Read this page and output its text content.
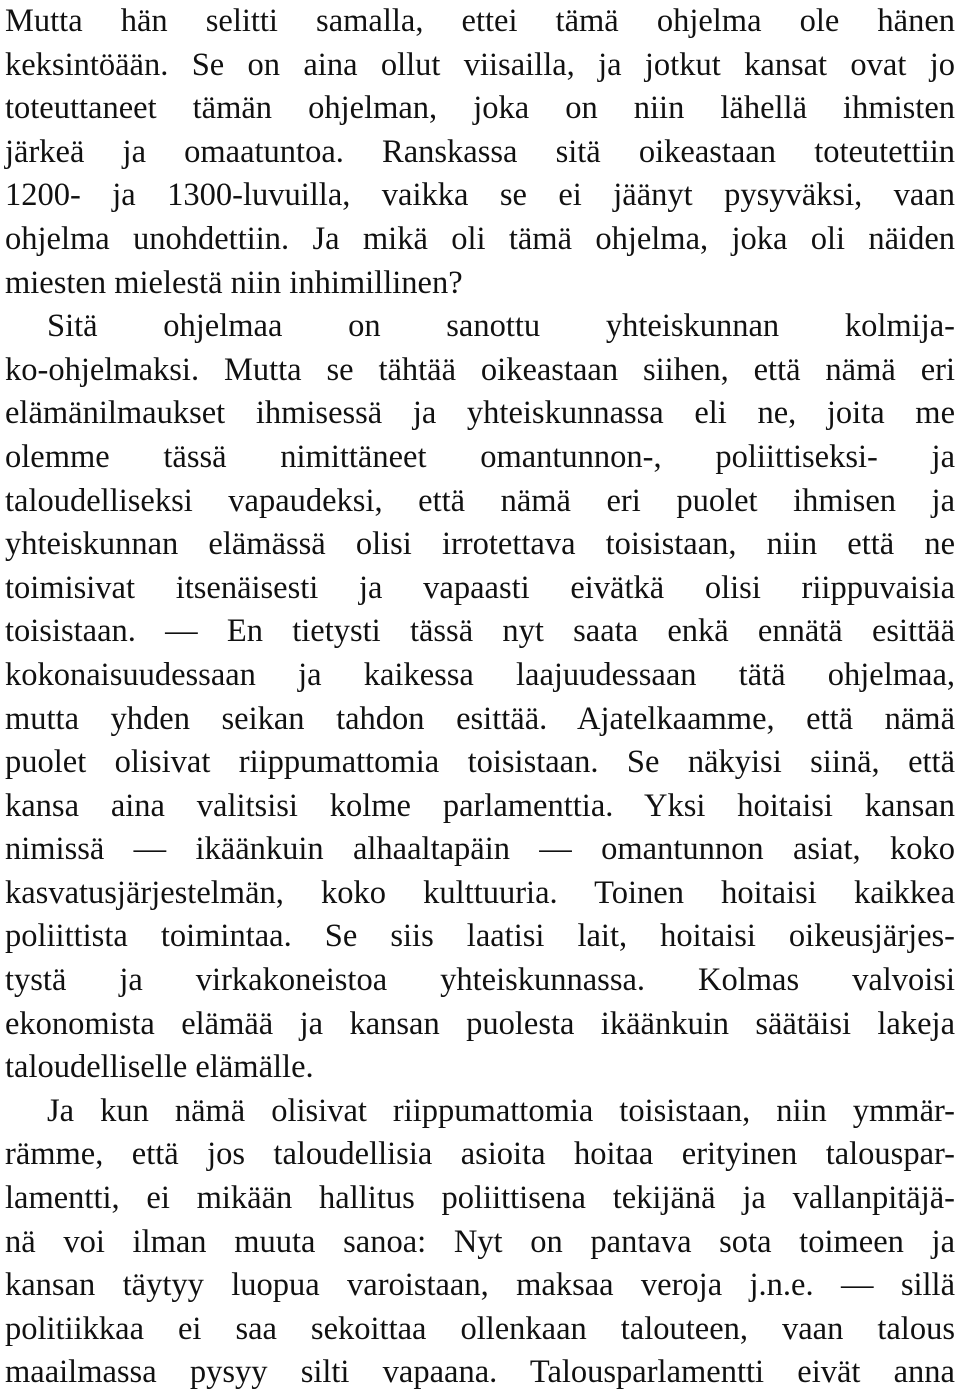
Mutta hän selitti samalla, ettei tämä ohjelma ole hänen
keksintöään. Se on aina ollut viisailla, ja jotkut kansat ovat jo
toteuttaneet tämän ohjelman, joka on niin lähellä ihmisten
järkeä ja omaatuntoa. Ranskassa sitä oikeastaan toteutettiin
1200- ja 1300-luvuilla, vaikka se ei jäänyt pysyväksi, vaan
ohjelma unohdettiin. Ja mikä oli tämä ohjelma, joka oli näiden
miesten mielestä niin inhimillinen?
Sitä ohjelmaa on sanottu yhteiskunnan kolmija-
ko-ohjelmaksi. Mutta se tähtää oikeastaan siihen, että nämä eri
elämänilmaukset ihmisessä ja yhteiskunnassa eli ne, joita me
olemme tässä nimittäneet omantunnon-, poliittiseksi- ja
taloudelliseksi vapaudeksi, että nämä eri puolet ihmisen ja
yhteiskunnan elämässä olisi irrotettava toisistaan, niin että ne
toimisivat itsenäisesti ja vapaasti eivätkä olisi riippuvaisia
toisistaan. — En tietysti tässä nyt saata enkä ennätä esittää
kokonaisuudessaan ja kaikessa laajuudessaan tätä ohjelmaa,
mutta yhden seikan tahdon esittää. Ajatelkaamme, että nämä
puolet olisivat riippumattomia toisistaan. Se näkyisi siinä, että
kansa aina valitsisi kolme parlamenttia. Yksi hoitaisi kansan
nimissä — ikäänkuin alhaaltapäin — omantunnon asiat, koko
kasvatusjärjestelmän, koko kulttuuria. Toinen hoitaisi kaikkea
poliittista toimintaa. Se siis laatisi lait, hoitaisi oikeusjärjes-
tystä ja virkakoneistoa yhteiskunnassa. Kolmas valvoisi
ekonomista elämää ja kansan puolesta ikäänkuin säätäisi lakeja
taloudelliselle elämälle.
Ja kun nämä olisivat riippumattomia toisistaan, niin ymmär-
rämme, että jos taloudellisia asioita hoitaa erityinen talouspar-
lamentti, ei mikään hallitus poliittisena tekijänä ja vallanpitäjä-
nä voi ilman muuta sanoa: Nyt on pantava sota toimeen ja
kansan täytyy luopua varoistaan, maksaa veroja j.n.e. — sillä
politiikkaa ei saa sekoittaa ollenkaan talouteen, vaan talous
maailmassa pysyy silti vapaana. Talousparlamentti eivät anna
